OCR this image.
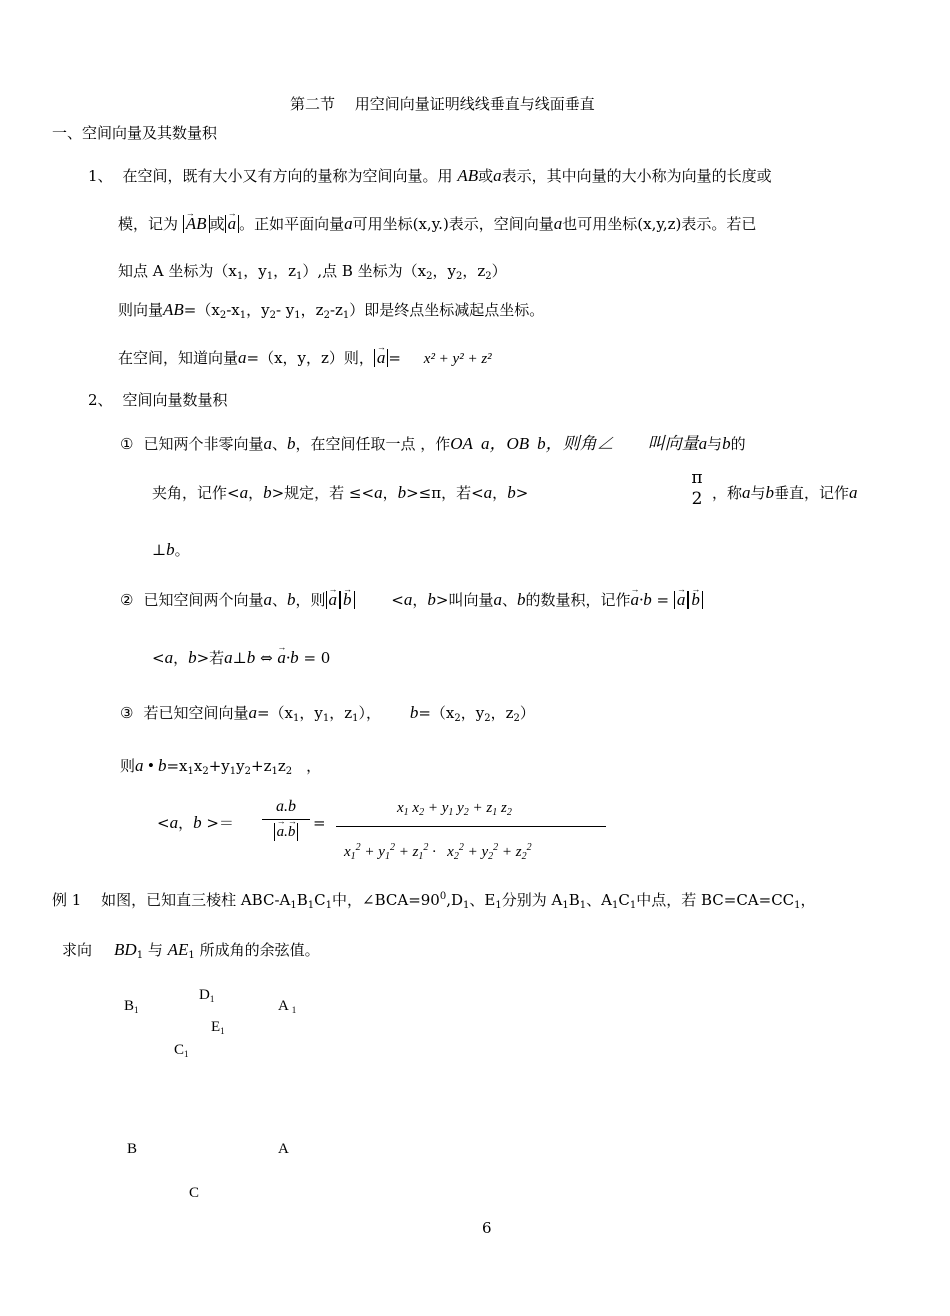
第二节　 用空间向量证明线线垂直与线面垂直
一、空间向量及其数量积
1、 在空间，既有大小又有方向的量称为空间向量。用 AB或a表示，其中向量的大小称为向量的长度或
模，记为 → AB 或 → a 。正如平面向量a可用坐标(x,y.)表示，空间向量a也可用坐标(x,y,z)表示。若已
知点 A 坐标为（$x_1$，$y_1$，$z_1$）,点 B 坐标为（$x_2$，$y_2$，$z_2$）
则向量$AB=(x_2-x_1$，$y_2-$ $y_1$，$z_2-z_1$）即是终点坐标减起点坐标。
在空间，知道向量a=（x，y，z）则， → a = x² + y² + z²
2、 空间向量数量积
① 已知两个非零向量a、b，在空间任取一点 ，作OA a，OB b，则角∠　　叫向量a与b的
夹角，记作<a，b>规定，若 ≤<a，b>≤π，若<a，b>
π
2 ，称a与b垂直，记作a
⊥b。
② 已知空间两个向量a、b，则 → a → b	<a，b>叫向量a、b的数量积，记作→ a·b = → a → b
<a，b>若a⊥b ⇔ → a·b = 0
③ 若已知空间向量$a=(x_1$，$y_1$，$z_1$）， $b=(x_2$，$y_2$，$z_2$）
则a • $b=x_1x_2+y_1y_2+z_1z_2$ ，
<a，b >＝ a.b
→ a.→ b =
$x_1$ $x_2 + y_1$ $y_2 + z_1$ $z_2$
$x_1^2 + y_1^2 + z_1^2 \cdot x_2^2 + y_2^2 + z_2^2$
例 1　 如图，已知直三棱柱 ABC-$A_1B_1C_1$中，$\angle BCA=90^0,D_1$、$E_1$分别为 $A_1B_1$、$A_1C_1$中点，若 $BC=CA=CC_1$，
求向 $BD_1$ 与 $AE_1$ 所成角的余弦值。
$B_1$
$D_1$	A $_1$
$E_1$
$C_1$
B	A
C
6
